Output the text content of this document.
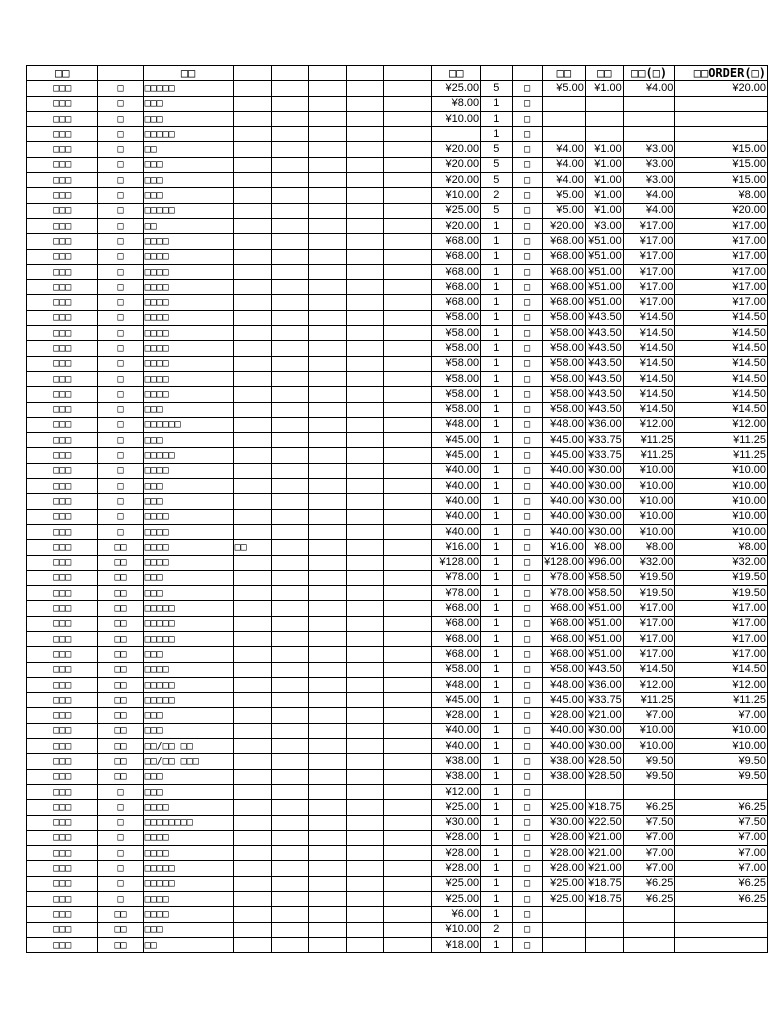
□□		□□						□□			□□	□□	□□(□)	□□ORDER(□)
□□□	□	□□□□□						¥25.00	5	□	¥5.00	¥1.00	¥4.00	¥20.00
□□□	□	□□□						¥8.00	1	□				
□□□	□	□□□						¥10.00	1	□				
□□□	□	□□□□□							1	□				
□□□	□	□□						¥20.00	5	□	¥4.00	¥1.00	¥3.00	¥15.00
□□□	□	□□□						¥20.00	5	□	¥4.00	¥1.00	¥3.00	¥15.00
□□□	□	□□□						¥20.00	5	□	¥4.00	¥1.00	¥3.00	¥15.00
□□□	□	□□□						¥10.00	2	□	¥5.00	¥1.00	¥4.00	¥8.00
□□□	□	□□□□□						¥25.00	5	□	¥5.00	¥1.00	¥4.00	¥20.00
□□□	□	□□						¥20.00	1	□	¥20.00	¥3.00	¥17.00	¥17.00
□□□	□	□□□□						¥68.00	1	□	¥68.00	¥51.00	¥17.00	¥17.00
□□□	□	□□□□						¥68.00	1	□	¥68.00	¥51.00	¥17.00	¥17.00
□□□	□	□□□□						¥68.00	1	□	¥68.00	¥51.00	¥17.00	¥17.00
□□□	□	□□□□						¥68.00	1	□	¥68.00	¥51.00	¥17.00	¥17.00
□□□	□	□□□□						¥68.00	1	□	¥68.00	¥51.00	¥17.00	¥17.00
□□□	□	□□□□						¥58.00	1	□	¥58.00	¥43.50	¥14.50	¥14.50
□□□	□	□□□□						¥58.00	1	□	¥58.00	¥43.50	¥14.50	¥14.50
□□□	□	□□□□						¥58.00	1	□	¥58.00	¥43.50	¥14.50	¥14.50
□□□	□	□□□□						¥58.00	1	□	¥58.00	¥43.50	¥14.50	¥14.50
□□□	□	□□□□						¥58.00	1	□	¥58.00	¥43.50	¥14.50	¥14.50
□□□	□	□□□□						¥58.00	1	□	¥58.00	¥43.50	¥14.50	¥14.50
□□□	□	□□□						¥58.00	1	□	¥58.00	¥43.50	¥14.50	¥14.50
□□□	□	□□□□□□						¥48.00	1	□	¥48.00	¥36.00	¥12.00	¥12.00
□□□	□	□□□						¥45.00	1	□	¥45.00	¥33.75	¥11.25	¥11.25
□□□	□	□□□□□						¥45.00	1	□	¥45.00	¥33.75	¥11.25	¥11.25
□□□	□	□□□□						¥40.00	1	□	¥40.00	¥30.00	¥10.00	¥10.00
□□□	□	□□□						¥40.00	1	□	¥40.00	¥30.00	¥10.00	¥10.00
□□□	□	□□□						¥40.00	1	□	¥40.00	¥30.00	¥10.00	¥10.00
□□□	□	□□□□						¥40.00	1	□	¥40.00	¥30.00	¥10.00	¥10.00
□□□	□	□□□□						¥40.00	1	□	¥40.00	¥30.00	¥10.00	¥10.00
□□□	□□	□□□□	□□					¥16.00	1	□	¥16.00	¥8.00	¥8.00	¥8.00
□□□	□□	□□□□						¥128.00	1	□	¥128.00	¥96.00	¥32.00	¥32.00
□□□	□□	□□□						¥78.00	1	□	¥78.00	¥58.50	¥19.50	¥19.50
□□□	□□	□□□						¥78.00	1	□	¥78.00	¥58.50	¥19.50	¥19.50
□□□	□□	□□□□□						¥68.00	1	□	¥68.00	¥51.00	¥17.00	¥17.00
□□□	□□	□□□□□						¥68.00	1	□	¥68.00	¥51.00	¥17.00	¥17.00
□□□	□□	□□□□□						¥68.00	1	□	¥68.00	¥51.00	¥17.00	¥17.00
□□□	□□	□□□						¥68.00	1	□	¥68.00	¥51.00	¥17.00	¥17.00
□□□	□□	□□□□						¥58.00	1	□	¥58.00	¥43.50	¥14.50	¥14.50
□□□	□□	□□□□□						¥48.00	1	□	¥48.00	¥36.00	¥12.00	¥12.00
□□□	□□	□□□□□						¥45.00	1	□	¥45.00	¥33.75	¥11.25	¥11.25
□□□	□□	□□□						¥28.00	1	□	¥28.00	¥21.00	¥7.00	¥7.00
□□□	□□	□□□						¥40.00	1	□	¥40.00	¥30.00	¥10.00	¥10.00
□□□	□□	□□/□□ □□						¥40.00	1	□	¥40.00	¥30.00	¥10.00	¥10.00
□□□	□□	□□/□□ □□□						¥38.00	1	□	¥38.00	¥28.50	¥9.50	¥9.50
□□□	□□	□□□						¥38.00	1	□	¥38.00	¥28.50	¥9.50	¥9.50
□□□	□	□□□						¥12.00	1	□				
□□□	□	□□□□						¥25.00	1	□	¥25.00	¥18.75	¥6.25	¥6.25
□□□	□	□□□□□□□□						¥30.00	1	□	¥30.00	¥22.50	¥7.50	¥7.50
□□□	□	□□□□						¥28.00	1	□	¥28.00	¥21.00	¥7.00	¥7.00
□□□	□	□□□□						¥28.00	1	□	¥28.00	¥21.00	¥7.00	¥7.00
□□□	□	□□□□□						¥28.00	1	□	¥28.00	¥21.00	¥7.00	¥7.00
□□□	□	□□□□□						¥25.00	1	□	¥25.00	¥18.75	¥6.25	¥6.25
□□□	□	□□□□						¥25.00	1	□	¥25.00	¥18.75	¥6.25	¥6.25
□□□	□□	□□□□						¥6.00	1	□				
□□□	□□	□□□						¥10.00	2	□				
□□□	□□	□□						¥18.00	1	□				
